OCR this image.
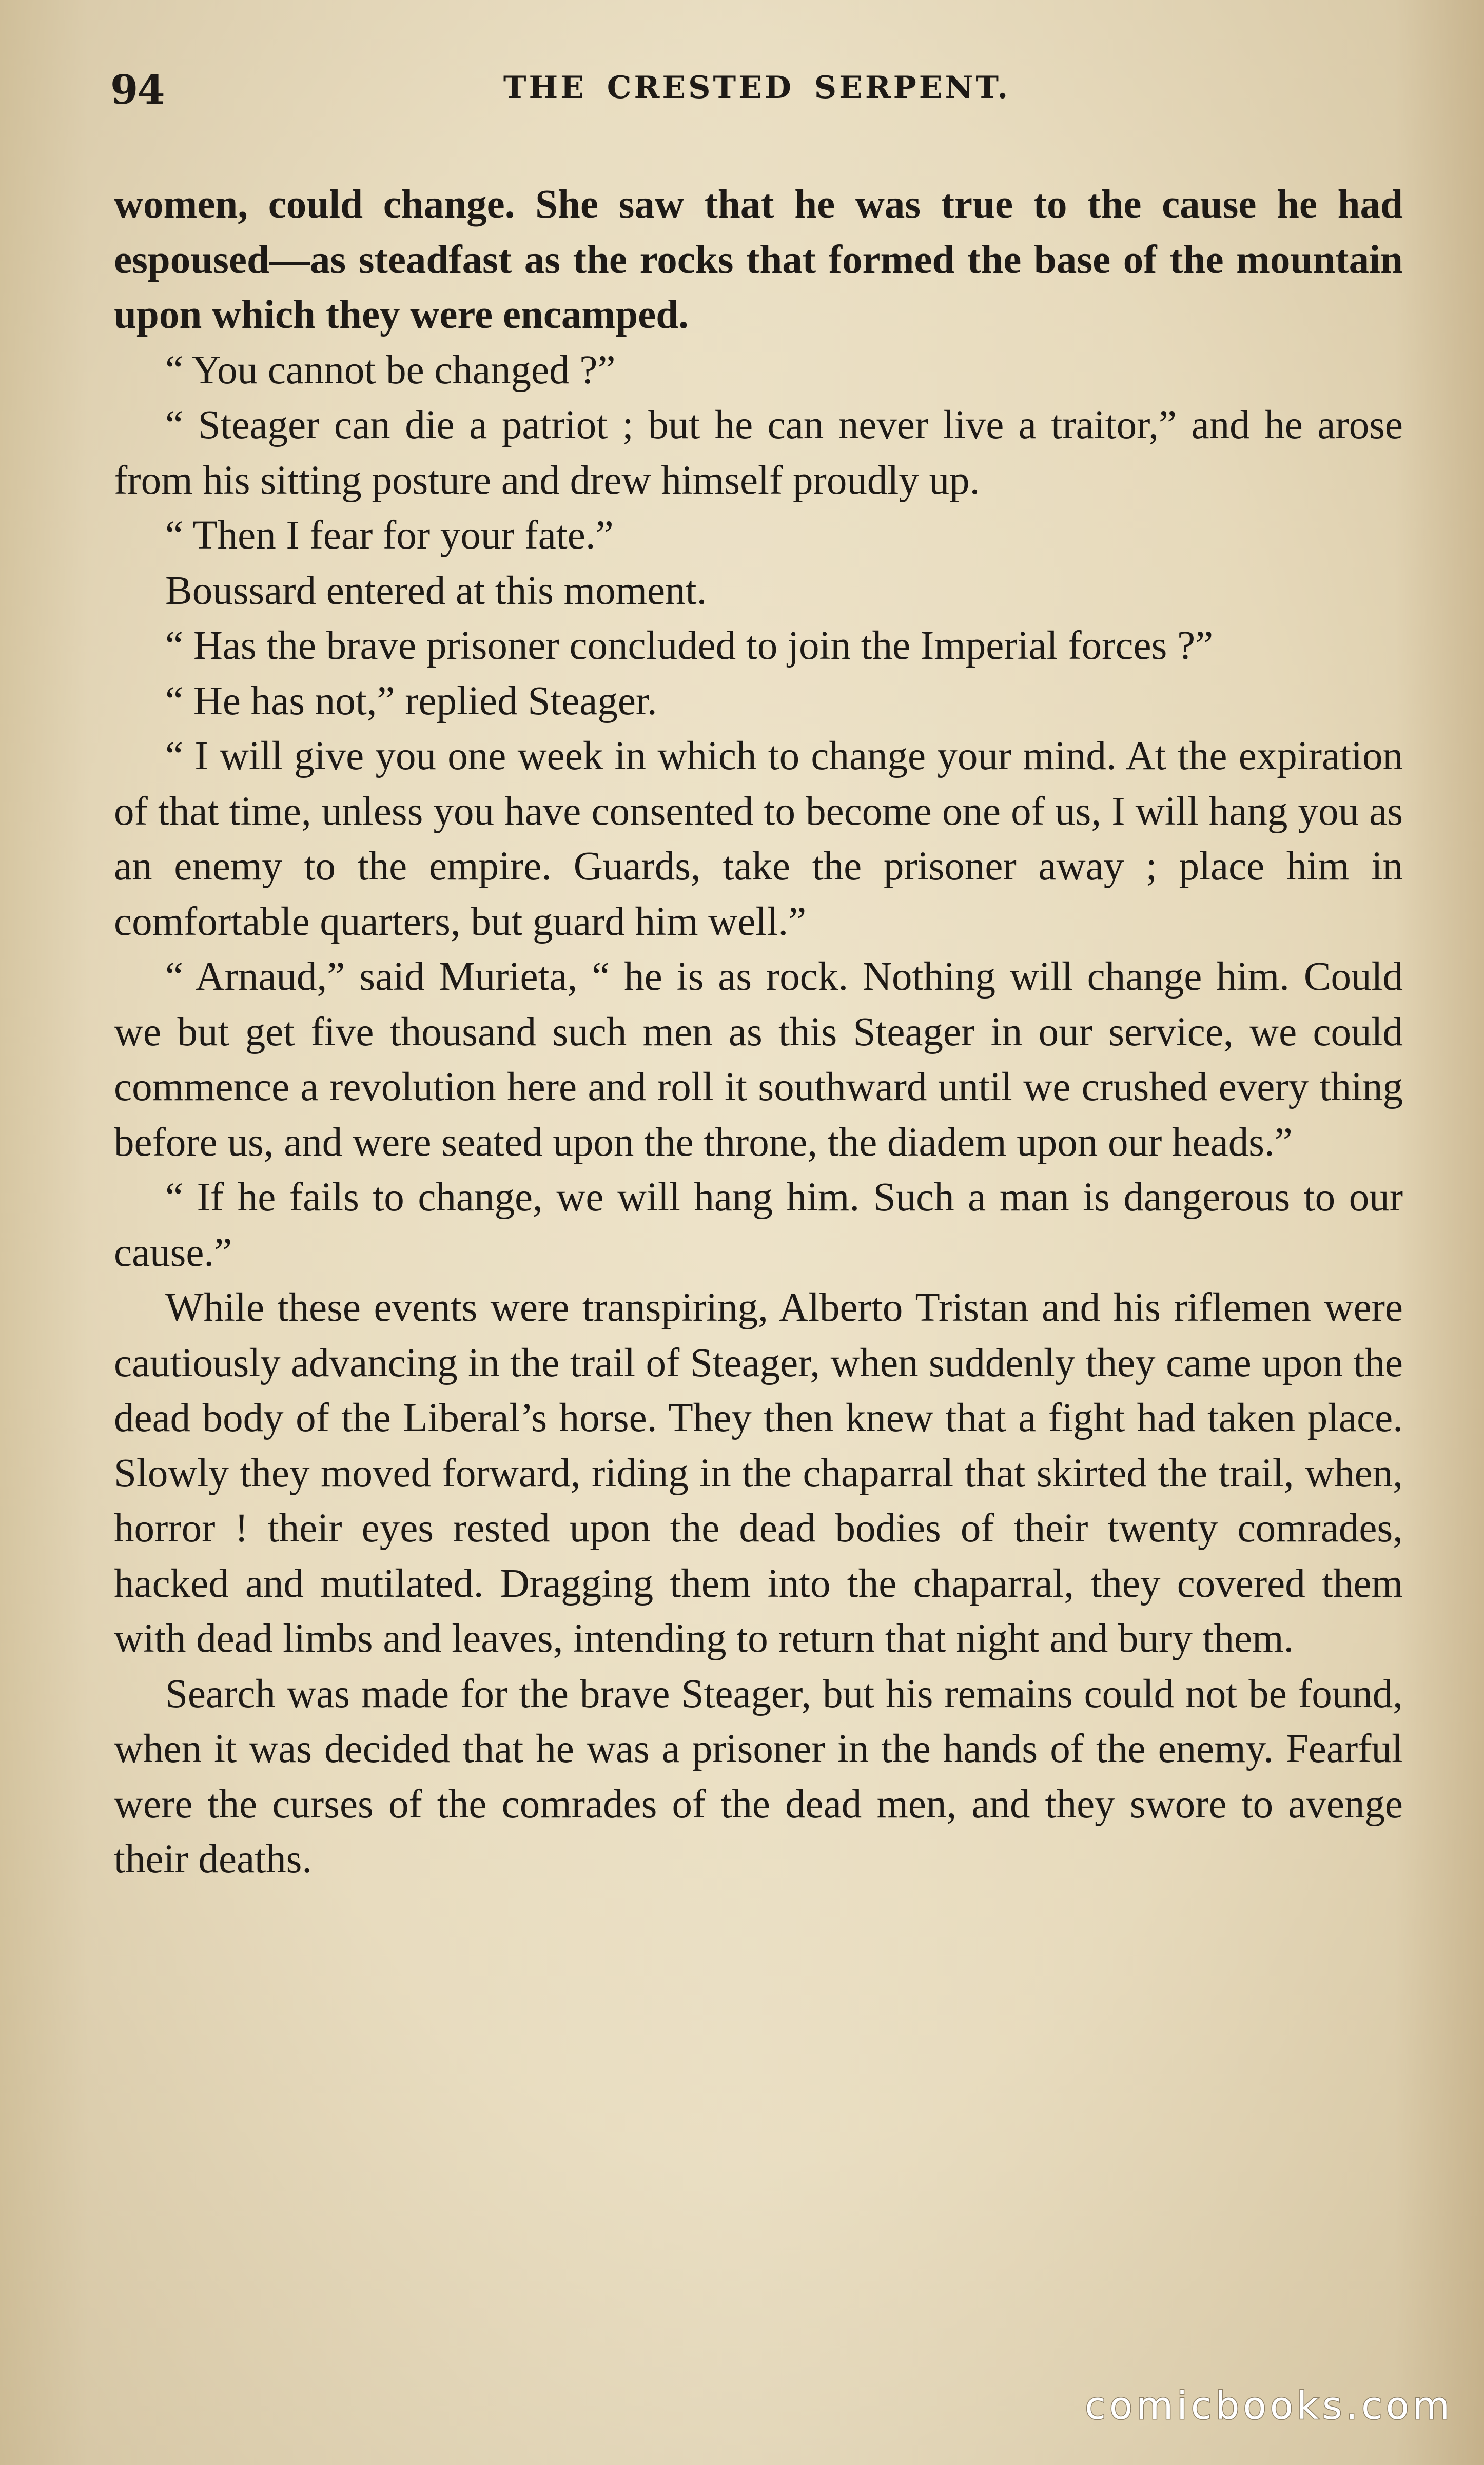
94	THE CRESTED SERPENT.

women, could change. She saw that he was true to the cause he had espoused—as steadfast as the rocks that formed the base of the mountain upon which they were encamped.

“ You cannot be changed ?”

“ Steager can die a patriot ; but he can never live a traitor,” and he arose from his sitting posture and drew himself proudly up.

“ Then I fear for your fate.”

Boussard entered at this moment.

“ Has the brave prisoner concluded to join the Imperial forces ?”

“ He has not,” replied Steager.

“ I will give you one week in which to change your mind. At the expiration of that time, unless you have consented to become one of us, I will hang you as an enemy to the empire. Guards, take the prisoner away ; place him in comfortable quarters, but guard him well.”

“ Arnaud,” said Murieta, “ he is as rock. Nothing will change him. Could we but get five thousand such men as this Steager in our service, we could commence a revolution here and roll it southward until we crushed every thing before us, and were seated upon the throne, the diadem upon our heads.”

“ If he fails to change, we will hang him. Such a man is dangerous to our cause.”

While these events were transpiring, Alberto Tristan and his riflemen were cautiously advancing in the trail of Steager, when suddenly they came upon the dead body of the Liberal’s horse. They then knew that a fight had taken place. Slowly they moved forward, riding in the chaparral that skirted the trail, when, horror ! their eyes rested upon the dead bodies of their twenty comrades, hacked and mutilated. Dragging them into the chaparral, they covered them with dead limbs and leaves, intending to return that night and bury them.

Search was made for the brave Steager, but his remains could not be found, when it was decided that he was a prisoner in the hands of the enemy. Fearful were the curses of the comrades of the dead men, and they swore to avenge their deaths.

comicbooks.com
